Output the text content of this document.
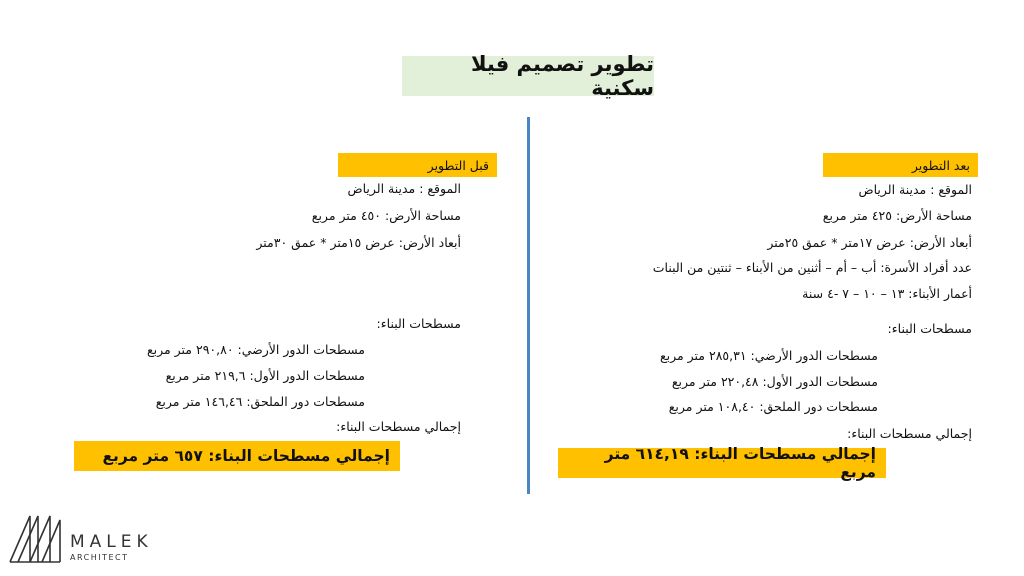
تطوير تصميم فيلا سكنية
قبل التطوير
الموقع : مدينة الرياض
مساحة الأرض: ٤٥٠ متر مربع
أبعاد الأرض: عرض ١٥متر * عمق ٣٠متر
مسطحات البناء:
مسطحات الدور الأرضي: ٢٩٠,٨٠ متر مربع
مسطحات الدور الأول: ٢١٩,٦ متر مربع
مسطحات دور الملحق: ١٤٦,٤٦ متر مربع
إجمالي مسطحات البناء:
إجمالي مسطحات البناء: ٦٥٧ متر مربع
بعد التطوير
الموقع : مدينة الرياض
مساحة الأرض: ٤٢٥ متر مربع
أبعاد الأرض: عرض ١٧متر * عمق ٢٥متر
عدد أفراد الأسرة: أب – أم – أثنين من الأبناء – ثنتين من البنات
أعمار الأبناء: ١٣ – ١٠ – ٧ -٤ سنة
مسطحات البناء:
مسطحات الدور الأرضي: ٢٨٥,٣١ متر مربع
مسطحات الدور الأول: ٢٢٠,٤٨ متر مربع
مسطحات دور الملحق: ١٠٨,٤٠ متر مربع
إجمالي مسطحات البناء:
إجمالي مسطحات البناء: ٦١٤,١٩ متر مربع
MALEK
ARCHITECT
